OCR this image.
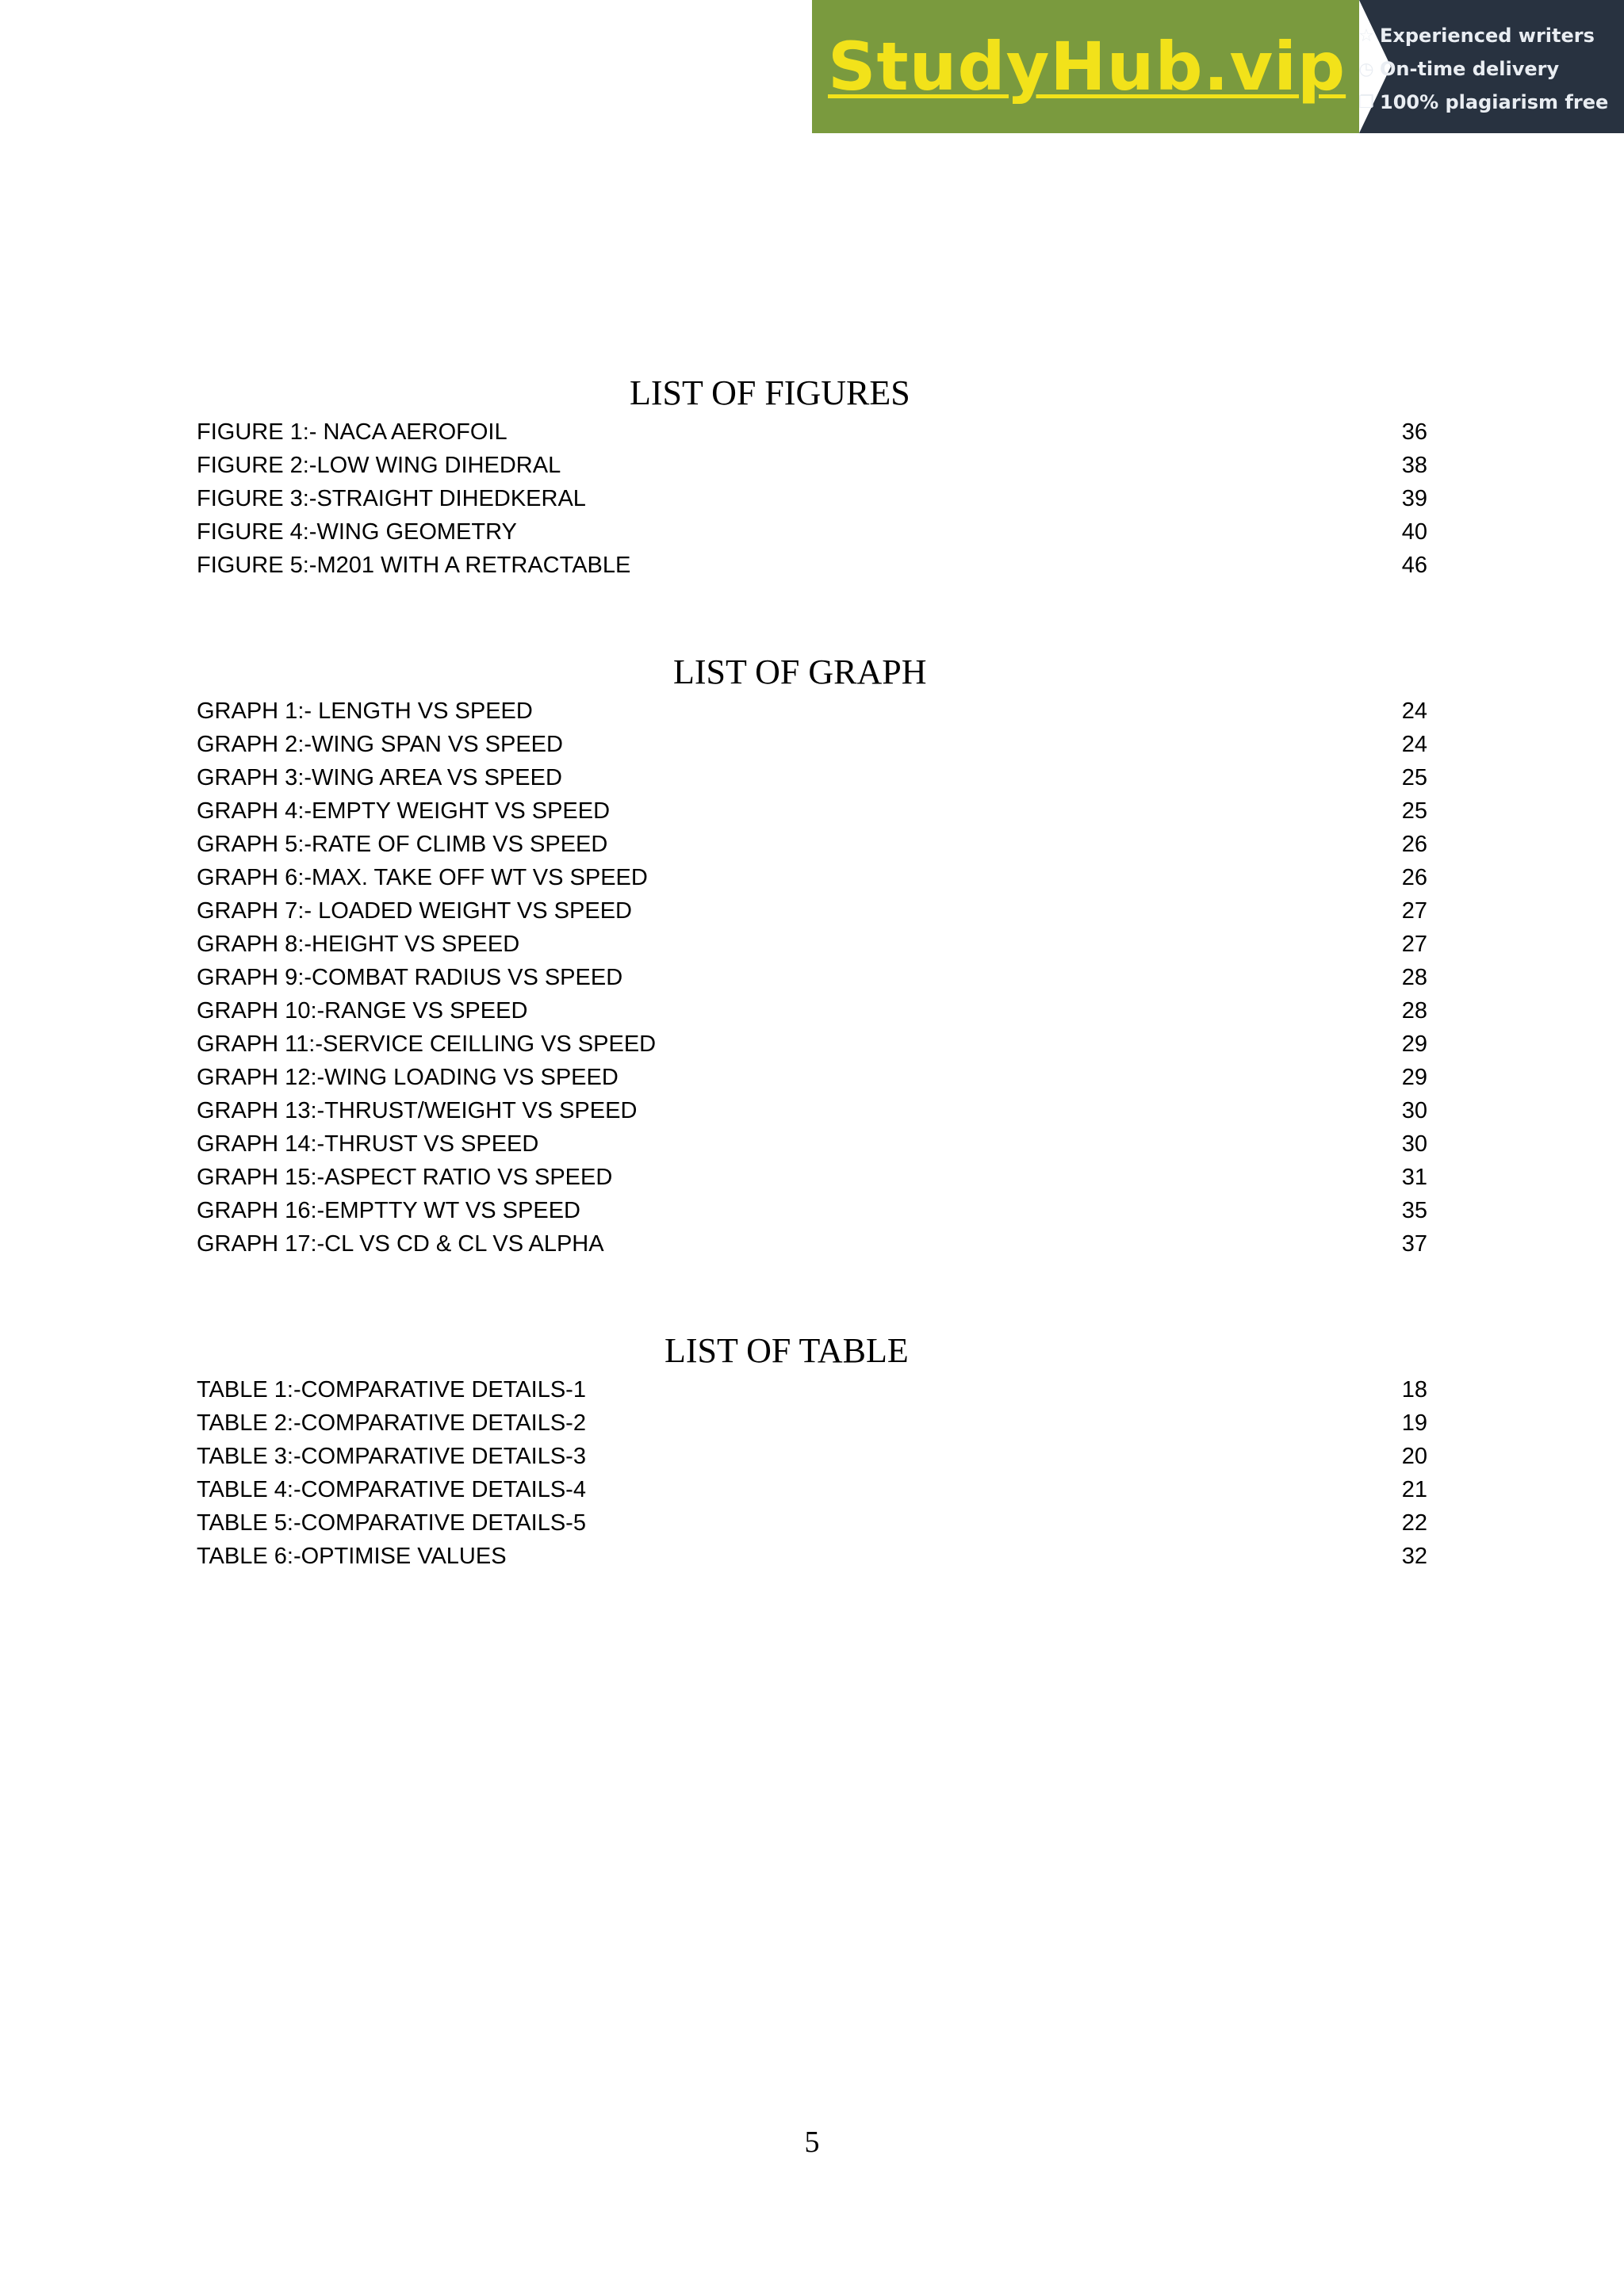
StudyHub.vip ☆ Experienced writers
◷ On-time delivery
❐ 100% plagiarism free
LIST OF FIGURES
FIGURE 1:- NACA AEROFOIL	36
FIGURE 2:-LOW WING DIHEDRAL	38
FIGURE 3:-STRAIGHT DIHEDKERAL	39
FIGURE 4:-WING GEOMETRY	40
FIGURE 5:-M201 WITH A RETRACTABLE	46
LIST OF GRAPH
GRAPH 1:- LENGTH VS SPEED	24
GRAPH 2:-WING SPAN VS SPEED	24
GRAPH 3:-WING AREA VS SPEED	25
GRAPH 4:-EMPTY WEIGHT VS SPEED	25
GRAPH 5:-RATE OF CLIMB VS SPEED	26
GRAPH 6:-MAX. TAKE OFF WT VS SPEED	26
GRAPH 7:- LOADED WEIGHT VS SPEED	27
GRAPH 8:-HEIGHT VS SPEED	27
GRAPH 9:-COMBAT RADIUS VS SPEED	28
GRAPH 10:-RANGE VS SPEED	28
GRAPH 11:-SERVICE CEILLING VS SPEED	29
GRAPH 12:-WING LOADING VS SPEED	29
GRAPH 13:-THRUST/WEIGHT VS SPEED	30
GRAPH 14:-THRUST VS SPEED	30
GRAPH 15:-ASPECT RATIO VS SPEED	31
GRAPH 16:-EMPTTY WT VS SPEED	35
GRAPH 17:-CL VS CD & CL VS ALPHA	37
LIST OF TABLE
TABLE 1:-COMPARATIVE DETAILS-1	18
TABLE 2:-COMPARATIVE DETAILS-2	19
TABLE 3:-COMPARATIVE DETAILS-3	20
TABLE 4:-COMPARATIVE DETAILS-4	21
TABLE 5:-COMPARATIVE DETAILS-5	22
TABLE 6:-OPTIMISE VALUES	32
5
